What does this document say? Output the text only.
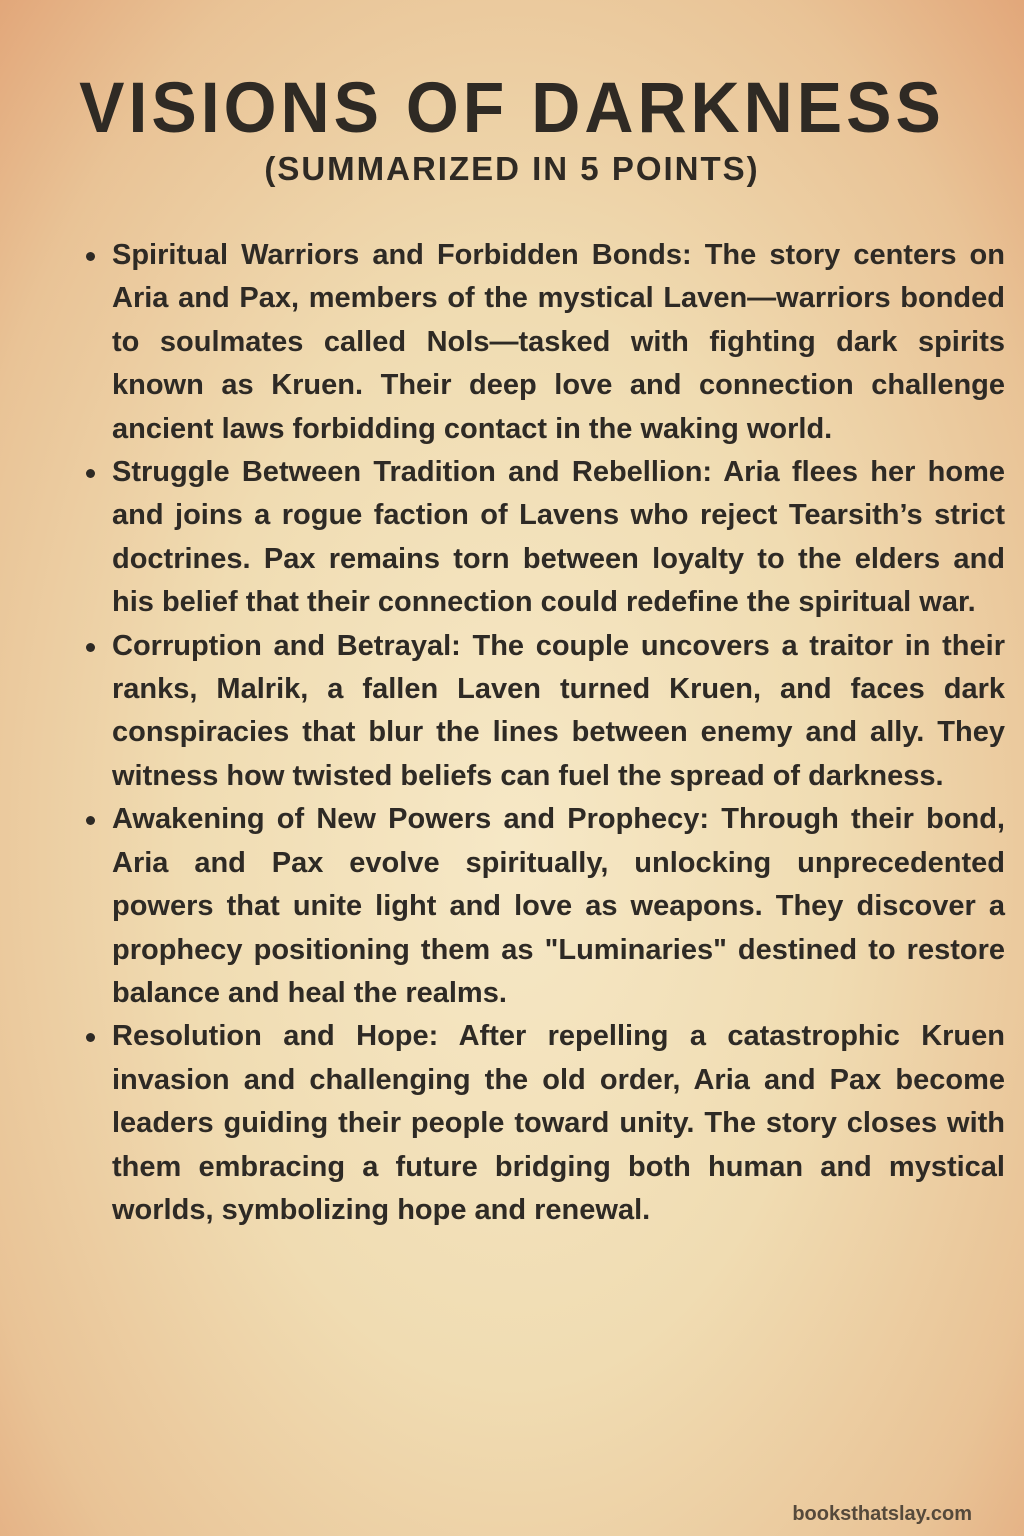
VISIONS OF DARKNESS
(SUMMARIZED IN 5 POINTS)
Spiritual Warriors and Forbidden Bonds: The story centers on Aria and Pax, members of the mystical Laven—warriors bonded to soulmates called Nols—tasked with fighting dark spirits known as Kruen. Their deep love and connection challenge ancient laws forbidding contact in the waking world.
Struggle Between Tradition and Rebellion: Aria flees her home and joins a rogue faction of Lavens who reject Tearsith’s strict doctrines. Pax remains torn between loyalty to the elders and his belief that their connection could redefine the spiritual war.
Corruption and Betrayal: The couple uncovers a traitor in their ranks, Malrik, a fallen Laven turned Kruen, and faces dark conspiracies that blur the lines between enemy and ally. They witness how twisted beliefs can fuel the spread of darkness.
Awakening of New Powers and Prophecy: Through their bond, Aria and Pax evolve spiritually, unlocking unprecedented powers that unite light and love as weapons. They discover a prophecy positioning them as "Luminaries" destined to restore balance and heal the realms.
Resolution and Hope: After repelling a catastrophic Kruen invasion and challenging the old order, Aria and Pax become leaders guiding their people toward unity. The story closes with them embracing a future bridging both human and mystical worlds, symbolizing hope and renewal.
booksthatslay.com
